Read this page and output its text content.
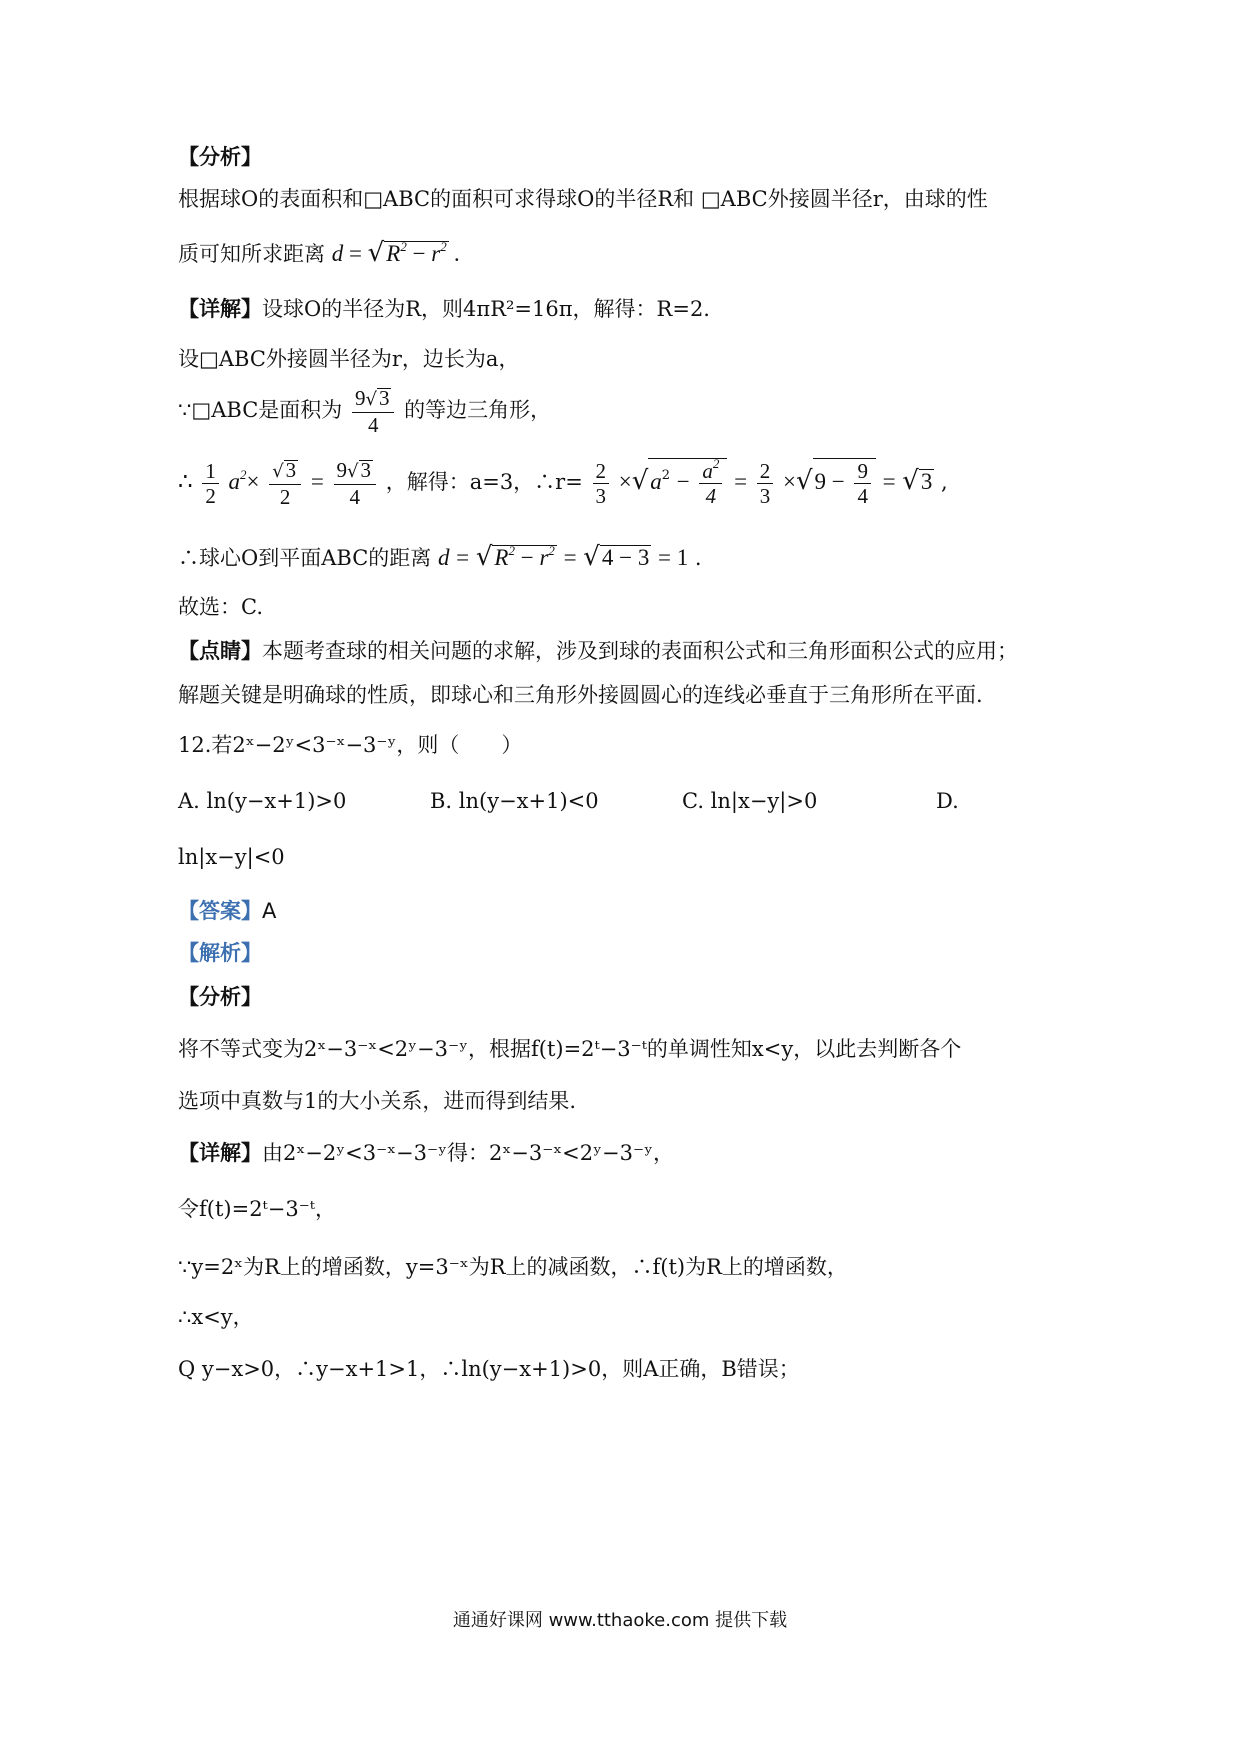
【分析】
根据球O的表面积和□ABC的面积可求得球O的半径R和 □ABC外接圆半径r，由球的性
质可知所求距离 $d = √R^2 - r^2$ .
【详解】设球O的半径为R，则4πR²=16π，解得：R=2.
设□ABC外接圆半径为r，边长为a，
∵□ABC是面积为 $\frac{9√3}{4}$ 的等边三角形，
∴ $\frac{1}{2} a^2\times \frac{√3}{2} = \frac{9√3}{4}$ ，解得：a=3，∴r= $\frac{2}{3} \times√a^2 - \frac{a^2}{4} = \frac{2}{3} \times√9 - \frac{9}{4} = √3$ ,
∴球心O到平面ABC的距离 $d = √R^2 - r^2 = √4 - 3 = 1$ .
故选：C.
【点睛】本题考查球的相关问题的求解，涉及到球的表面积公式和三角形面积公式的应用；
解题关键是明确球的性质，即球心和三角形外接圆圆心的连线必垂直于三角形所在平面.
12.若2ˣ−2ʸ<3⁻ˣ−3⁻ʸ，则（　　）
A. ln(y−x+1)>0	B. ln(y−x+1)<0	C. ln|x−y|>0	D.
ln|x−y|<0
【答案】A
【解析】
【分析】
将不等式变为2ˣ−3⁻ˣ<2ʸ−3⁻ʸ，根据f(t)=2ᵗ−3⁻ᵗ的单调性知x<y，以此去判断各个
选项中真数与1的大小关系，进而得到结果.
【详解】由2ˣ−2ʸ<3⁻ˣ−3⁻ʸ得：2ˣ−3⁻ˣ<2ʸ−3⁻ʸ，
令f(t)=2ᵗ−3⁻ᵗ，
∵y=2ˣ为R上的增函数，y=3⁻ˣ为R上的减函数，∴f(t)为R上的增函数，
∴x<y，
Q y−x>0，∴y−x+1>1，∴ln(y−x+1)>0，则A正确，B错误；
通通好课网 www.tthaoke.com 提供下载
